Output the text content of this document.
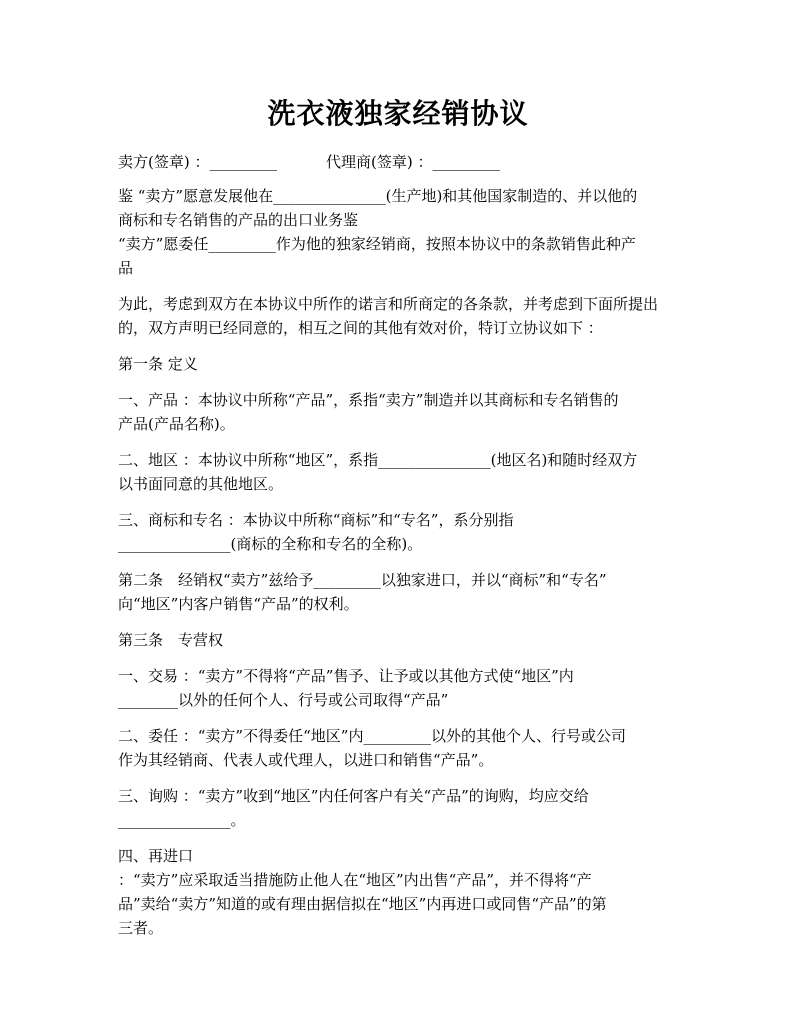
洗衣液独家经销协议

卖方(签章) ：_________	代理商(签章) ：_________

鉴 “卖方”愿意发展他在_______________(生产地)和其他国家制造的、并以他的

商标和专名销售的产品的出口业务鉴

“卖方”愿委任_________作为他的独家经销商，按照本协议中的条款销售此种产

品

为此，考虑到双方在本协议中所作的诺言和所商定的各条款，并考虑到下面所提出

的，双方声明已经同意的，相互之间的其他有效对价，特订立协议如下 ：

第一条 定义

一、产品 ：本协议中所称“产品”，系指“卖方”制造并以其商标和专名销售的

产品(产品名称)。

二、地区 ：本协议中所称“地区”，系指_______________(地区名)和随时经双方

以书面同意的其他地区。

三、商标和专名 ：本协议中所称“商标”和“专名”，系分别指

_______________(商标的全称和专名的全称)。

第二条　经销权“卖方”兹给予_________以独家进口，并以“商标”和“专名”

向“地区”内客户销售“产品”的权利。

第三条　专营权

一、交易 ：“卖方”不得将“产品”售予、让予或以其他方式使“地区”内

________以外的任何个人、行号或公司取得“产品”

二、委任 ：“卖方”不得委任“地区”内_________以外的其他个人、行号或公司

作为其经销商、代表人或代理人，以进口和销售“产品”。

三、询购 ：“卖方”收到“地区”内任何客户有关“产品”的询购，均应交给

_______________。

四、再进口

：“卖方”应采取适当措施防止他人在“地区”内出售“产品”，并不得将“产

品”卖给“卖方”知道的或有理由据信拟在“地区”内再进口或同售“产品”的第

三者。
